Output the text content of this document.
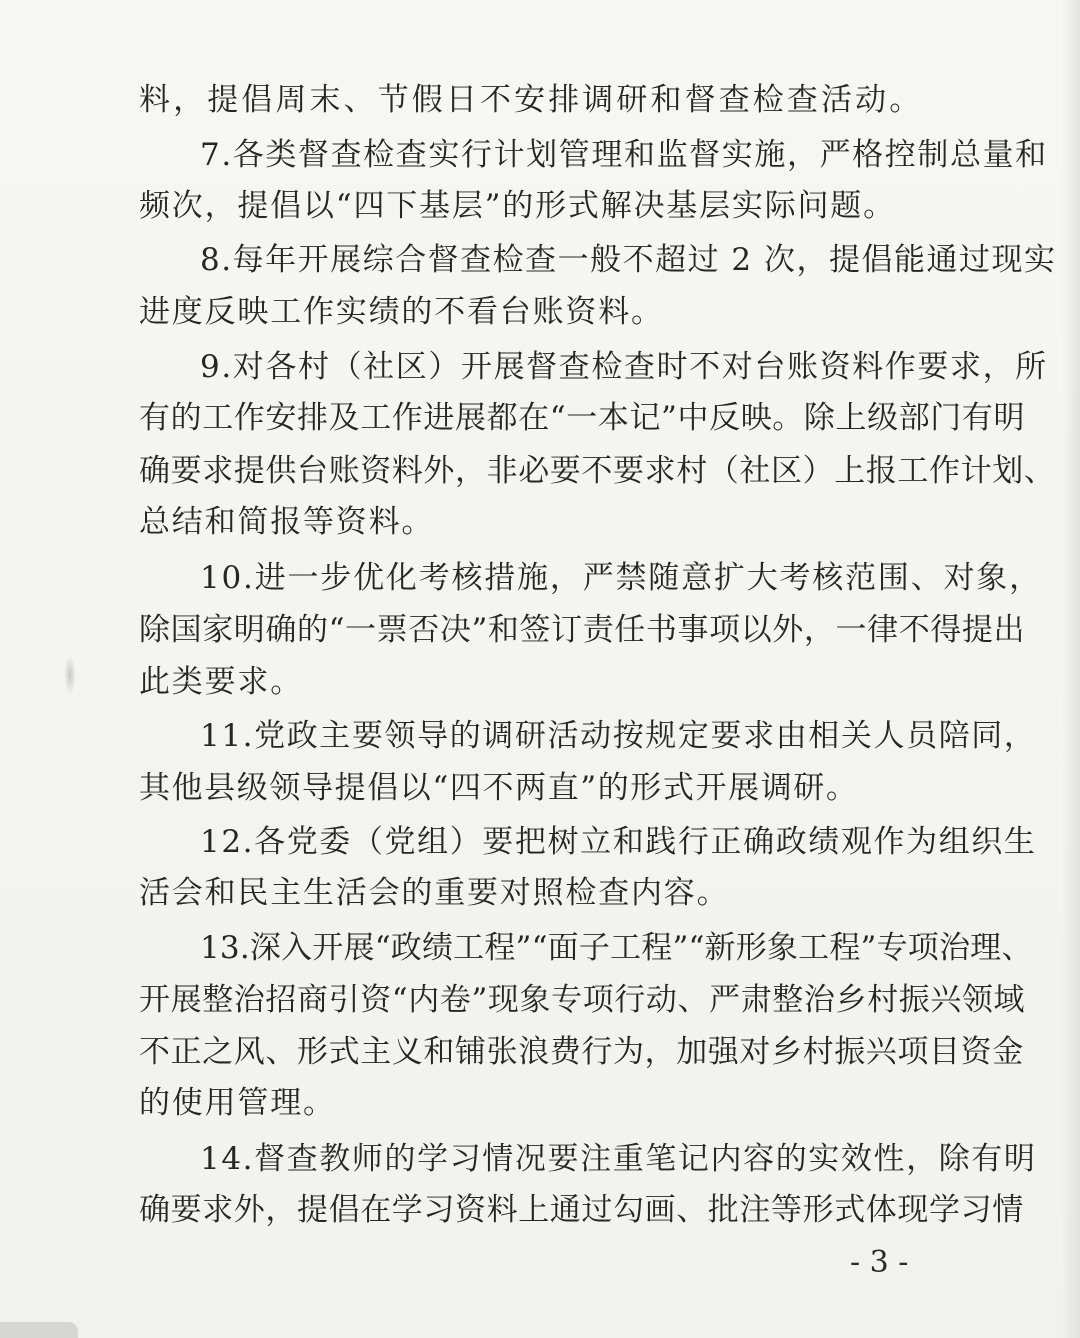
料，提倡周末、节假日不安排调研和督查检查活动。
7.各类督查检查实行计划管理和监督实施，严格控制总量和
频次，提倡以“四下基层”的形式解决基层实际问题。
8.每年开展综合督查检查一般不超过 2 次，提倡能通过现实
进度反映工作实绩的不看台账资料。
9.对各村（社区）开展督查检查时不对台账资料作要求，所
有的工作安排及工作进展都在“一本记”中反映。除上级部门有明
确要求提供台账资料外，非必要不要求村（社区）上报工作计划、
总结和简报等资料。
10.进一步优化考核措施，严禁随意扩大考核范围、对象，
除国家明确的“一票否决”和签订责任书事项以外，一律不得提出
此类要求。
11.党政主要领导的调研活动按规定要求由相关人员陪同，
其他县级领导提倡以“四不两直”的形式开展调研。
12.各党委（党组）要把树立和践行正确政绩观作为组织生
活会和民主生活会的重要对照检查内容。
13.深入开展“政绩工程”“面子工程”“新形象工程”专项治理、
开展整治招商引资“内卷”现象专项行动、严肃整治乡村振兴领域
不正之风、形式主义和铺张浪费行为，加强对乡村振兴项目资金
的使用管理。
14.督查教师的学习情况要注重笔记内容的实效性，除有明
确要求外，提倡在学习资料上通过勾画、批注等形式体现学习情
- 3 -
